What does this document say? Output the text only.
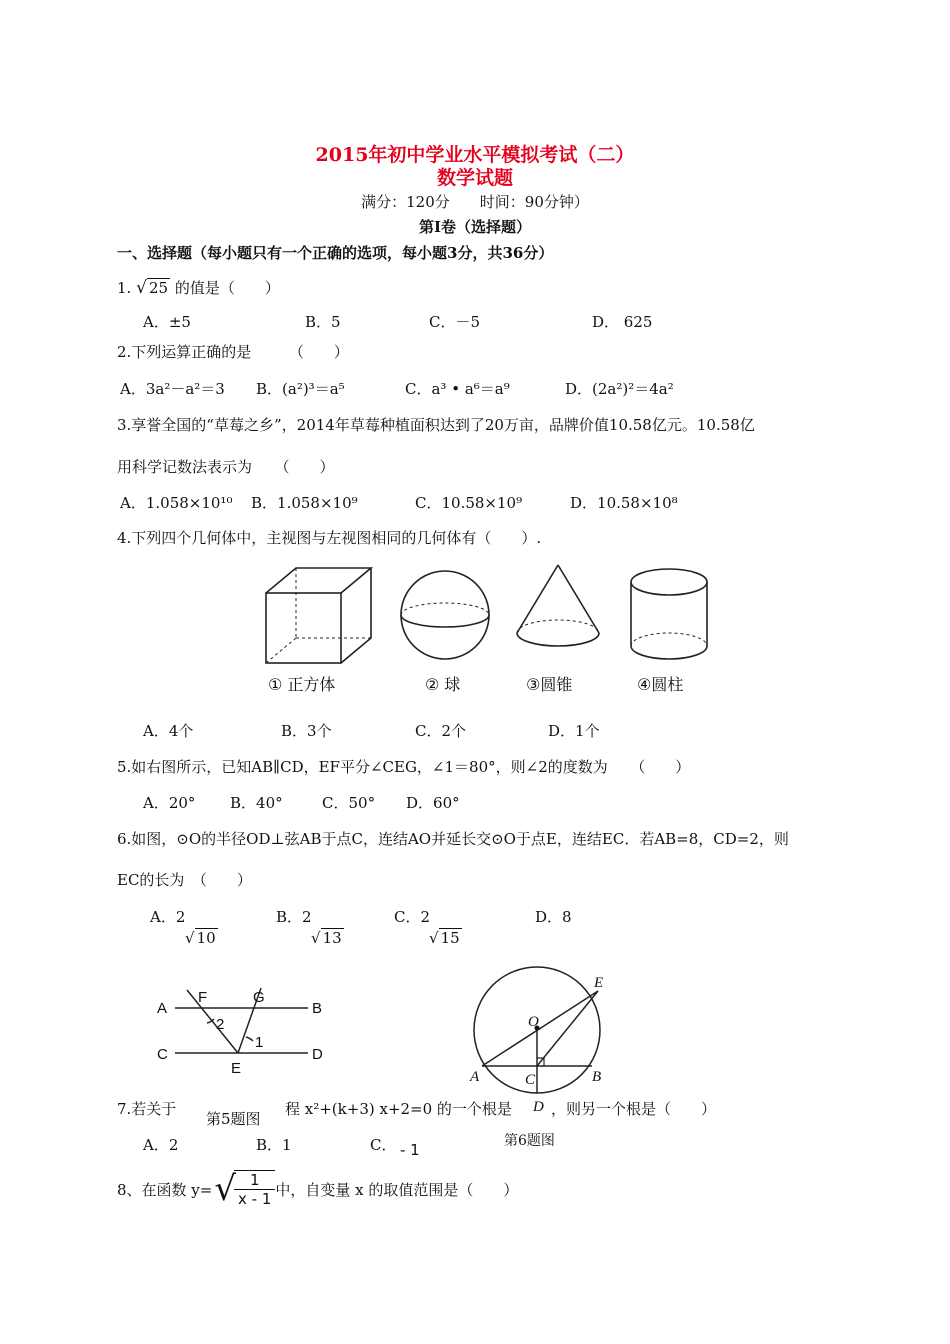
2015年初中学业水平模拟考试（二）
数学试题
满分：120分　　时间：90分钟）
第Ⅰ卷（选择题）
一、选择题（每小题只有一个正确的选项，每小题3分，共36分）
1. √ 25 的值是（　　）
A．±5	B．5	C．－5	D． 625
2.下列运算正确的是　　　（　　）
A．3a²－a²＝3 B．(a²)³＝a⁵	C．a³ • a⁶＝a⁹	D．(2a²)²＝4a²
3.享誉全国的“草莓之乡”，2014年草莓种植面积达到了20万亩，品牌价值10.58亿元。10.58亿
用科学记数法表示为　　（　　）
A．1.058×10¹⁰ B．1.058×10⁹	C．10.58×10⁹	D．10.58×10⁸
4.下列四个几何体中，主视图与左视图相同的几何体有（　　）.
① 正方体	② 球	③圆锥	④圆柱
A．4个	B．3个	C．2个	D．1个
5.如右图所示，已知AB∥CD，EF平分∠CEG，∠1＝80°，则∠2的度数为　　（　　）
A．20° B．40°	C．50° D．60°
6.如图，⊙O的半径OD⊥弦AB于点C，连结AO并延长交⊙O于点E，连结EC．若AB=8，CD=2，则
EC的长为　（　　）
A．2
√ 10
B．2
√ 13
C．2
√ 15
D．8
A	B
C	D
E
F	G
1
2
A	B
C
D
E
O
7.若关于	程 x²+(k+3) x+2=0 的一个根是	，则另一个根是（　　）
第5题图
第6题图
A．2	B．1	C． - 1
8、在函数 y= √
$\frac{1}{x - 1}$ 中，自变量 x 的取值范围是（　　）
